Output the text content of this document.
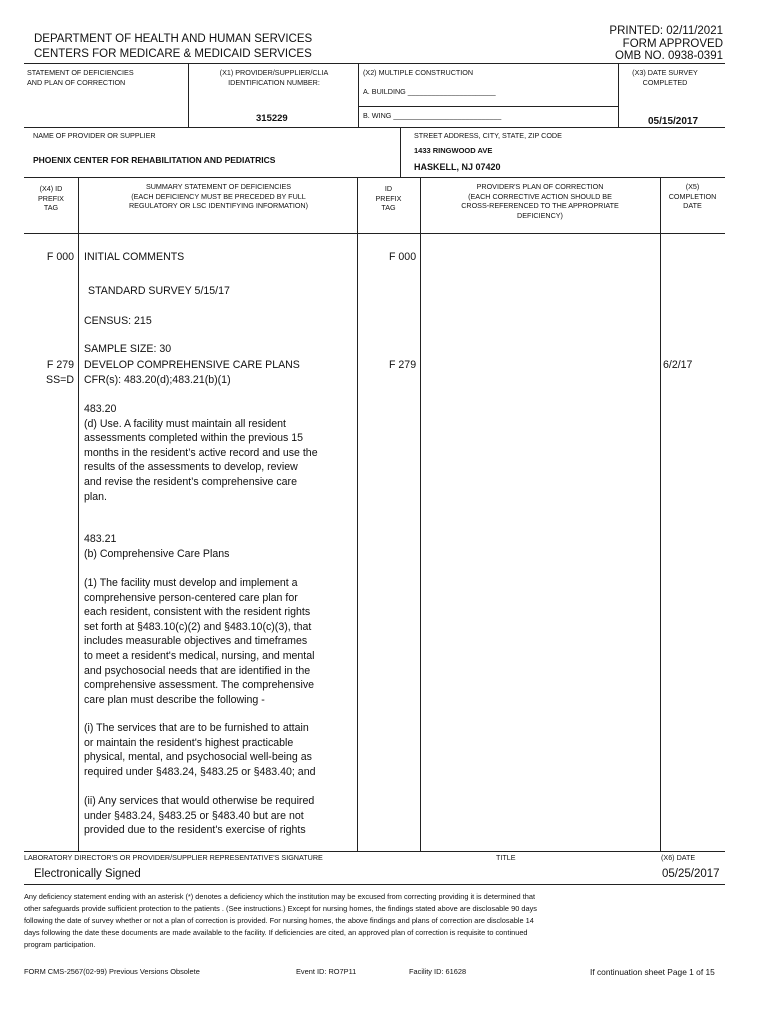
DEPARTMENT OF HEALTH AND HUMAN SERVICES
CENTERS FOR MEDICARE & MEDICAID SERVICES
PRINTED: 02/11/2021
FORM APPROVED
OMB NO. 0938-0391
STATEMENT OF DEFICIENCIES
AND PLAN OF CORRECTION
(X1) PROVIDER/SUPPLIER/CLIA
IDENTIFICATION NUMBER:
315229
(X2) MULTIPLE CONSTRUCTION
A. BUILDING ______________________
B. WING ___________________________
(X3) DATE SURVEY
COMPLETED
05/15/2017
NAME OF PROVIDER OR SUPPLIER
PHOENIX CENTER FOR REHABILITATION AND PEDIATRICS
STREET ADDRESS, CITY, STATE, ZIP CODE
1433 RINGWOOD AVE
HASKELL, NJ 07420
(X4) ID
PREFIX
TAG
SUMMARY STATEMENT OF DEFICIENCIES
(EACH DEFICIENCY MUST BE PRECEDED BY FULL
REGULATORY OR LSC IDENTIFYING INFORMATION)
ID
PREFIX
TAG
PROVIDER'S PLAN OF CORRECTION
(EACH CORRECTIVE ACTION SHOULD BE
CROSS-REFERENCED TO THE APPROPRIATE
DEFICIENCY)
(X5)
COMPLETION
DATE
F 000 INITIAL COMMENTS	F 000
STANDARD SURVEY 5/15/17
CENSUS: 215
SAMPLE SIZE: 30
F 279 DEVELOP COMPREHENSIVE CARE PLANS	F 279	6/2/17
SS=D CFR(s): 483.20(d);483.21(b)(1)
483.20
(d) Use. A facility must maintain all resident
assessments completed within the previous 15
months in the resident’s active record and use the
results of the assessments to develop, review
and revise the resident’s comprehensive care
plan.
483.21
(b) Comprehensive Care Plans
(1) The facility must develop and implement a
comprehensive person-centered care plan for
each resident, consistent with the resident rights
set forth at §483.10(c)(2) and §483.10(c)(3), that
includes measurable objectives and timeframes
to meet a resident's medical, nursing, and mental
and psychosocial needs that are identified in the
comprehensive assessment. The comprehensive
care plan must describe the following -
(i) The services that are to be furnished to attain
or maintain the resident's highest practicable
physical, mental, and psychosocial well-being as
required under §483.24, §483.25 or §483.40; and
(ii) Any services that would otherwise be required
under §483.24, §483.25 or §483.40 but are not
provided due to the resident's exercise of rights
LABORATORY DIRECTOR'S OR PROVIDER/SUPPLIER REPRESENTATIVE'S SIGNATURE	TITLE	(X6) DATE
Electronically Signed	05/25/2017
Any deficiency statement ending with an asterisk (*) denotes a deficiency which the institution may be excused from correcting providing it is determined that
other safeguards provide sufficient protection to the patients . (See instructions.) Except for nursing homes, the findings stated above are disclosable 90 days
following the date of survey whether or not a plan of correction is provided. For nursing homes, the above findings and plans of correction are disclosable 14
days following the date these documents are made available to the facility. If deficiencies are cited, an approved plan of correction is requisite to continued
program participation.
FORM CMS-2567(02-99) Previous Versions Obsolete	Event ID: RO7P11	Facility ID: 61628	If continuation sheet Page 1 of 15
